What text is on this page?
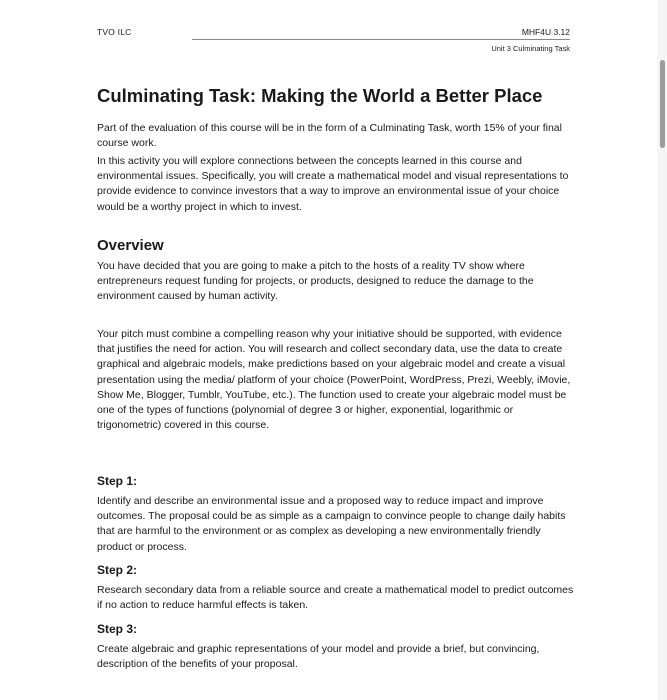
TVO ILC	MHF4U 3.12
Unit 3 Culminating Task
Culminating Task: Making the World a Better Place

Part of the evaluation of this course will be in the form of a Culminating Task, worth 15% of your final course work.

In this activity you will explore connections between the concepts learned in this course and environmental issues. Specifically, you will create a mathematical model and visual representations to provide evidence to convince investors that a way to improve an environmental issue of your choice would be a worthy project in which to invest.

Overview

You have decided that you are going to make a pitch to the hosts of a reality TV show where entrepreneurs request funding for projects, or products, designed to reduce the damage to the environment caused by human activity.

Your pitch must combine a compelling reason why your initiative should be supported, with evidence that justifies the need for action. You will research and collect secondary data, use the data to create graphical and algebraic models, make predictions based on your algebraic model and create a visual presentation using the media/ platform of your choice (PowerPoint, WordPress, Prezi, Weebly, iMovie, Show Me, Blogger, Tumblr, YouTube, etc.). The function used to create your algebraic model must be one of the types of functions (polynomial of degree 3 or higher, exponential, logarithmic or trigonometric) covered in this course.

Step 1:

Identify and describe an environmental issue and a proposed way to reduce impact and improve outcomes. The proposal could be as simple as a campaign to convince people to change daily habits that are harmful to the environment or as complex as developing a new environmentally friendly product or process.

Step 2:

Research secondary data from a reliable source and create a mathematical model to predict outcomes if no action to reduce harmful effects is taken.

Step 3:

Create algebraic and graphic representations of your model and provide a brief, but convincing, description of the benefits of your proposal.
